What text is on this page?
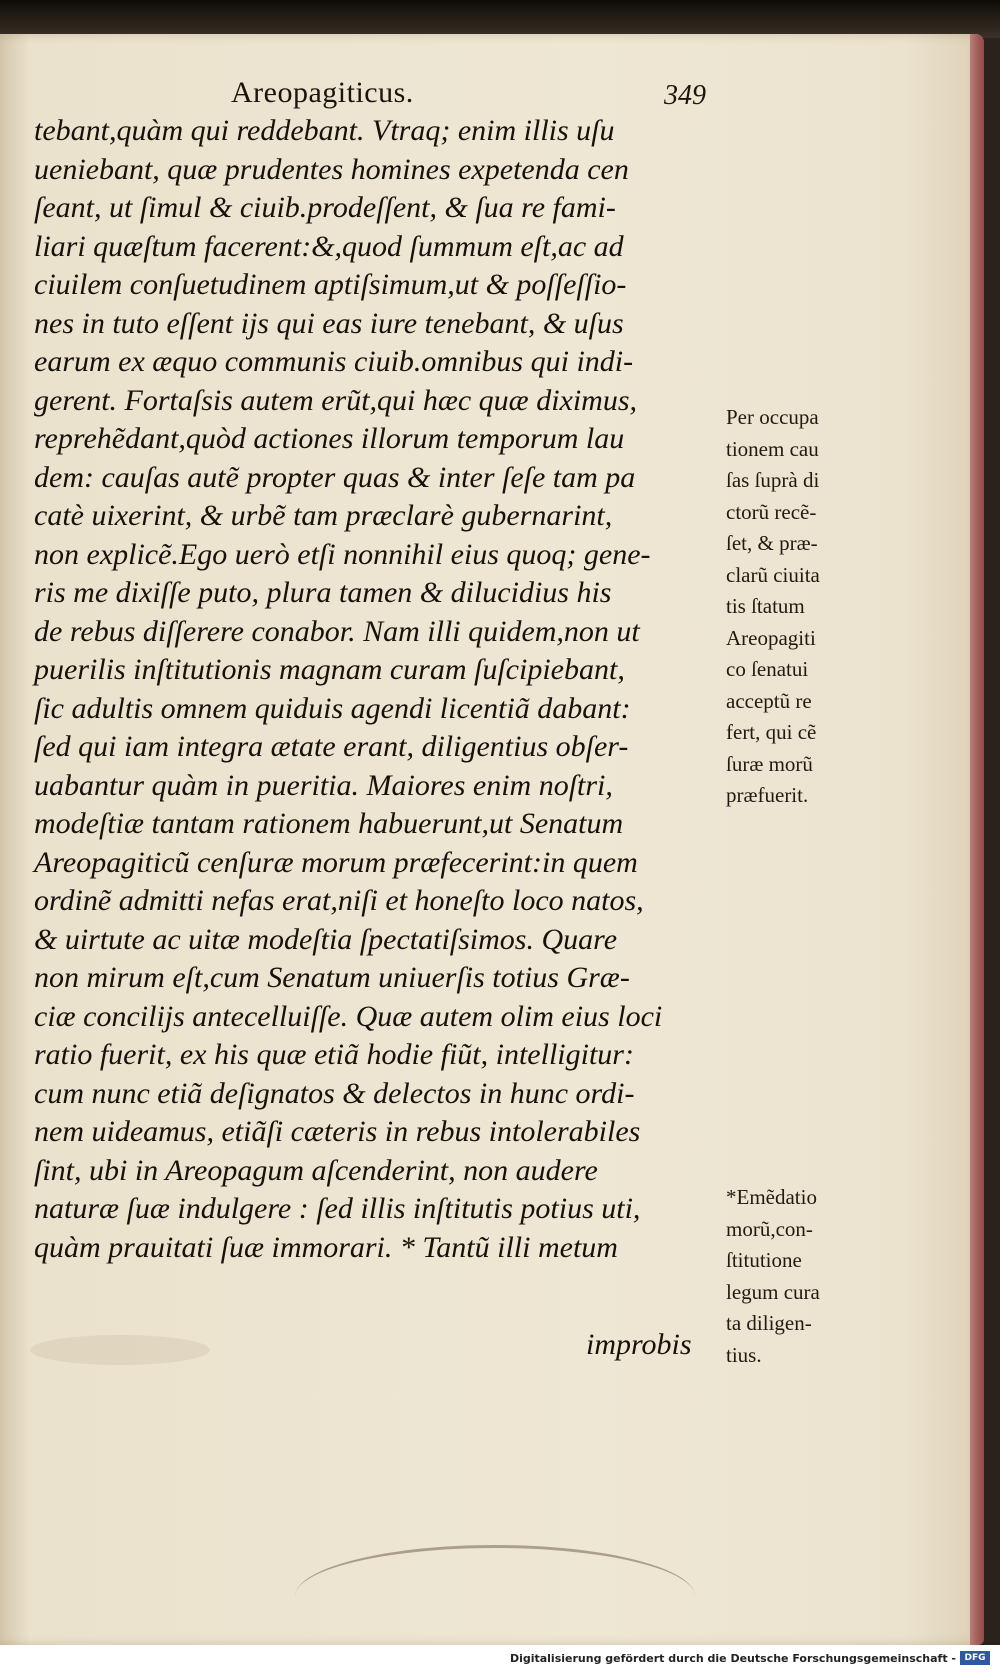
Areopagiticus.	349
tebant,quàm qui reddebant. Vtraq; enim illis uſu
ueniebant, quæ prudentes homines expetenda cen
ſeant, ut ſimul & ciuib.prodeſſent, & ſua re fami-
liari quæſtum facerent:&,quod ſummum eſt,ac ad
ciuilem conſuetudinem aptiſsimum,ut & poſſeſſio-
nes in tuto eſſent ijs qui eas iure tenebant, & uſus
earum ex æquo communis ciuib.omnibus qui indi-
gerent. Fortaſsis autem erũt,qui hæc quæ diximus,
reprehẽdant,quòd actiones illorum temporum lau
dem: cauſas autẽ propter quas & inter ſeſe tam pa
catè uixerint, & urbẽ tam præclarè gubernarint,
non explicẽ.Ego uerò etſi nonnihil eius quoq; gene-
ris me dixiſſe puto, plura tamen & dilucidius his
de rebus diſſerere conabor. Nam illi quidem,non ut
puerilis inſtitutionis magnam curam ſuſcipiebant,
ſic adultis omnem quiduis agendi licentiã dabant:
ſed qui iam integra ætate erant, diligentius obſer-
uabantur quàm in pueritia. Maiores enim noſtri,
modeſtiæ tantam rationem habuerunt,ut Senatum
Areopagiticũ cenſuræ morum præfecerint:in quem
ordinẽ admitti nefas erat,niſi et honeſto loco natos,
& uirtute ac uitæ modeſtia ſpectatiſsimos. Quare
non mirum eſt,cum Senatum uniuerſis totius Græ-
ciæ concilijs antecelluiſſe. Quæ autem olim eius loci
ratio fuerit, ex his quæ etiã hodie fiũt, intelligitur:
cum nunc etiã deſignatos & delectos in hunc ordi-
nem uideamus, etiãſi cæteris in rebus intolerabiles
ſint, ubi in Areopagum aſcenderint, non audere
naturæ ſuæ indulgere : ſed illis inſtitutis potius uti,
quàm prauitati ſuæ immorari. * Tantũ illi metum
improbis
Per occupa
tionem cau
ſas ſuprà di
ctorũ recẽ-
ſet, & præ-
clarũ ciuita
tis ſtatum
Areopagiti
co ſenatui
acceptũ re
fert, qui cẽ
ſuræ morũ
præfuerit.
*Emẽdatio
morũ,con-
ſtitutione
legum cura
ta diligen-
tius.
Digitalisierung gefördert durch die Deutsche Forschungsgemeinschaft - DFG
